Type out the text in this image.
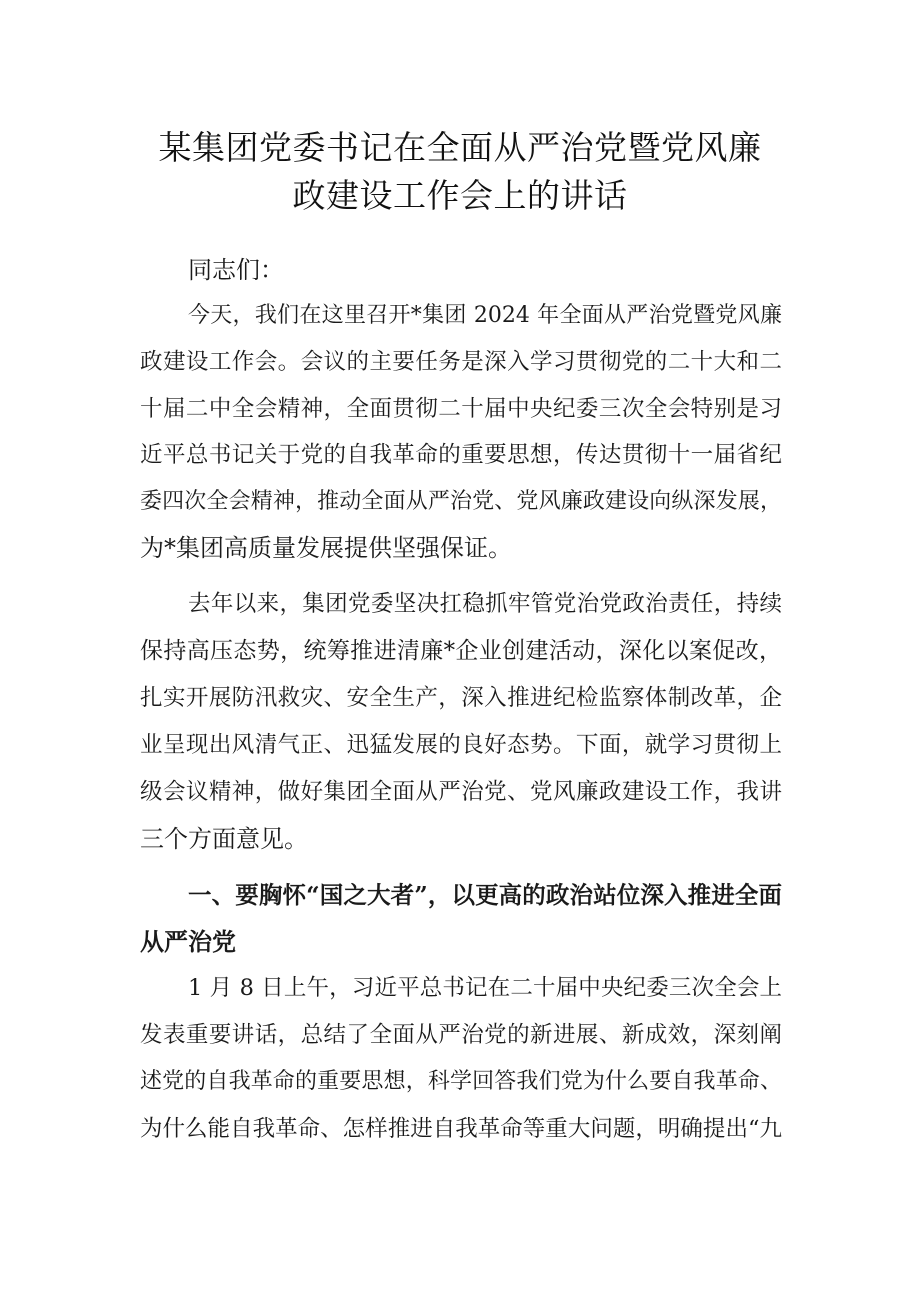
某集团党委书记在全面从严治党暨党风廉
政建设工作会上的讲话

同志们：

今天，我们在这里召开*集团 2024 年全面从严治党暨党风廉

政建设工作会。会议的主要任务是深入学习贯彻党的二十大和二

十届二中全会精神，全面贯彻二十届中央纪委三次全会特别是习

近平总书记关于党的自我革命的重要思想，传达贯彻十一届省纪

委四次全会精神，推动全面从严治党、党风廉政建设向纵深发展，

为*集团高质量发展提供坚强保证。

去年以来，集团党委坚决扛稳抓牢管党治党政治责任，持续

保持高压态势，统筹推进清廉*企业创建活动，深化以案促改，

扎实开展防汛救灾、安全生产，深入推进纪检监察体制改革，企

业呈现出风清气正、迅猛发展的良好态势。下面，就学习贯彻上

级会议精神，做好集团全面从严治党、党风廉政建设工作，我讲

三个方面意见。

一、要胸怀“国之大者”，以更高的政治站位深入推进全面

从严治党

1 月 8 日上午，习近平总书记在二十届中央纪委三次全会上

发表重要讲话，总结了全面从严治党的新进展、新成效，深刻阐

述党的自我革命的重要思想，科学回答我们党为什么要自我革命、

为什么能自我革命、怎样推进自我革命等重大问题，明确提出“九
